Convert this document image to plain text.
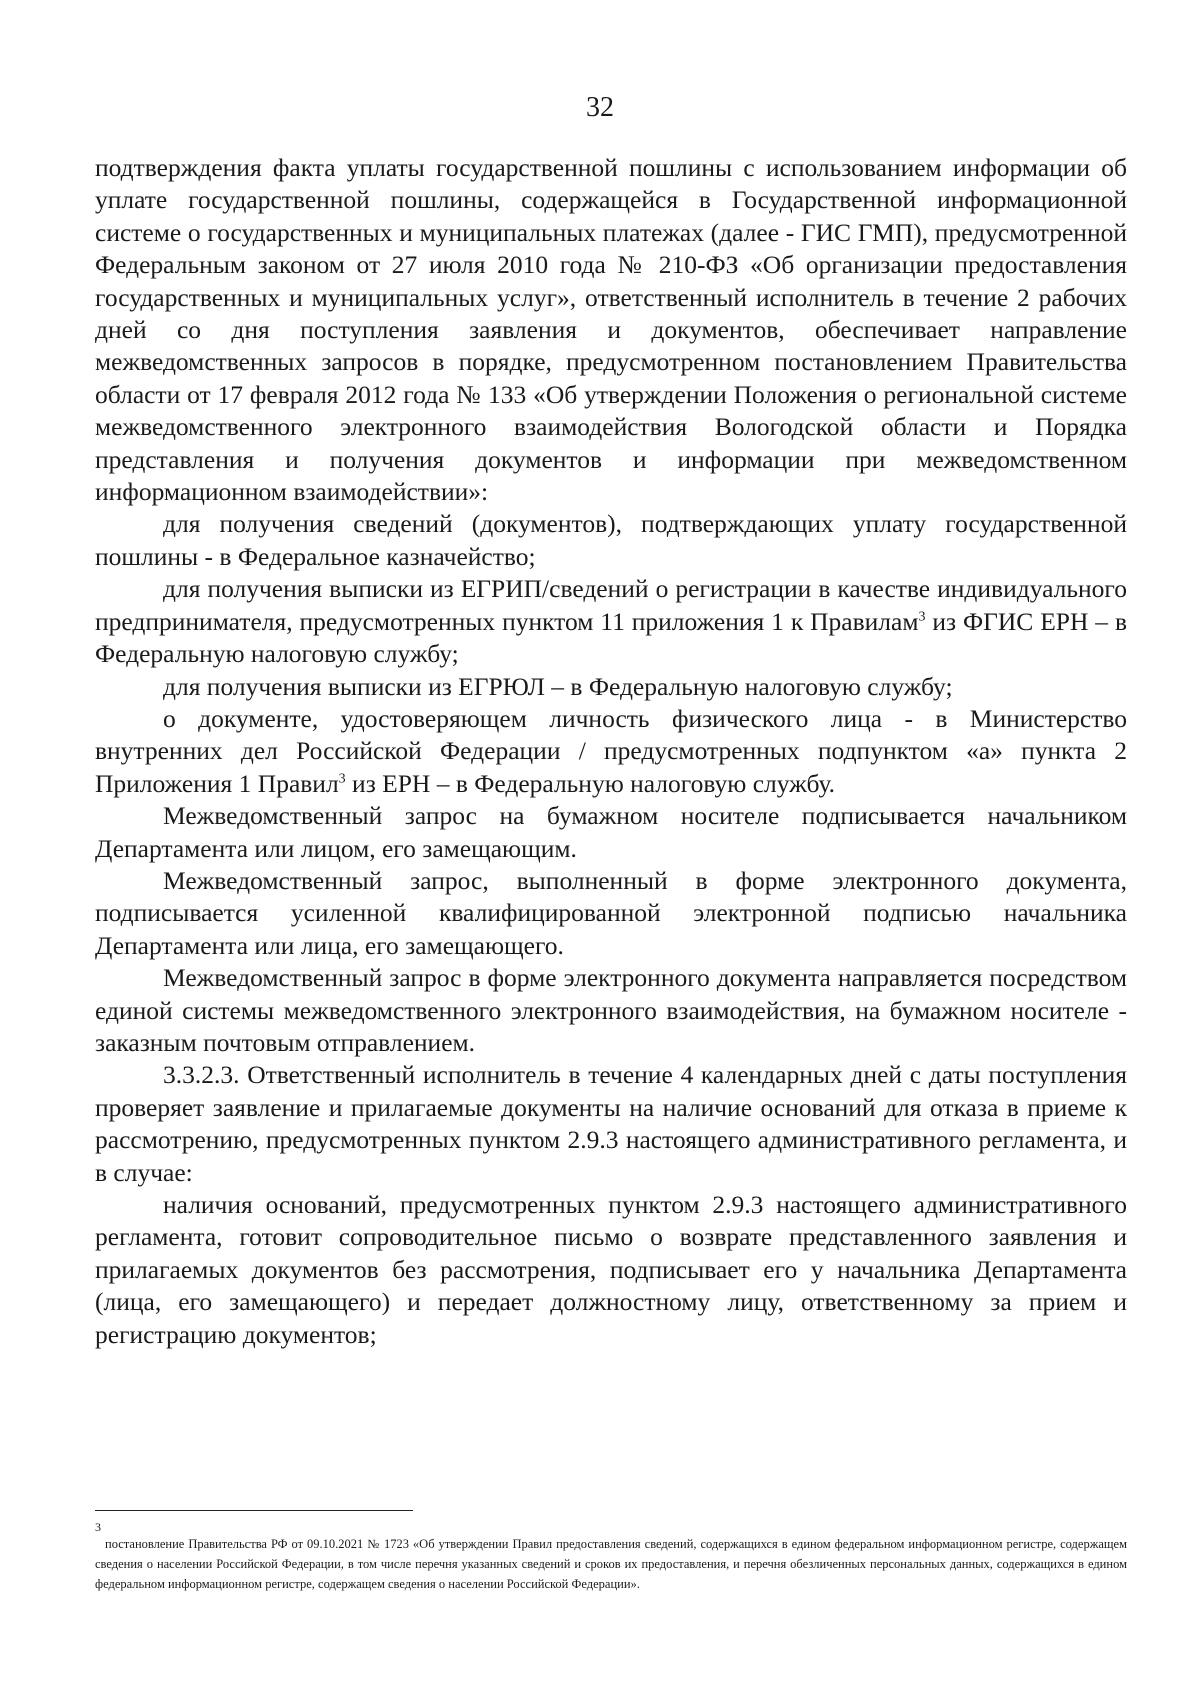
32

подтверждения факта уплаты государственной пошлины с использованием информации об уплате государственной пошлины, содержащейся в Государственной информационной системе о государственных и муниципальных платежах (далее - ГИС ГМП), предусмотренной Федеральным законом от 27 июля 2010 года № 210-ФЗ «Об организации предоставления государственных и муниципальных услуг», ответственный исполнитель в течение 2 рабочих дней со дня поступления заявления и документов, обеспечивает направление межведомственных запросов в порядке, предусмотренном постановлением Правительства области от 17 февраля 2012 года № 133 «Об утверждении Положения о региональной системе межведомственного электронного взаимодействия Вологодской области и Порядка представления и получения документов и информации при межведомственном информационном взаимодействии»:

для получения сведений (документов), подтверждающих уплату государственной пошлины - в Федеральное казначейство;

для получения выписки из ЕГРИП/сведений о регистрации в качестве индивидуального предпринимателя, предусмотренных пунктом 11 приложения 1 к Правилам$^3$ из ФГИС ЕРН – в Федеральную налоговую службу;

для получения выписки из ЕГРЮЛ – в Федеральную налоговую службу;

о документе, удостоверяющем личность физического лица - в Министерство внутренних дел Российской Федерации / предусмотренных подпунктом «а» пункта 2 Приложения 1 Правил$^3$ из ЕРН – в Федеральную налоговую службу.

Межведомственный запрос на бумажном носителе подписывается начальником Департамента или лицом, его замещающим.

Межведомственный запрос, выполненный в форме электронного документа, подписывается усиленной квалифицированной электронной подписью начальника Департамента или лица, его замещающего.

Межведомственный запрос в форме электронного документа направляется посредством единой системы межведомственного электронного взаимодействия, на бумажном носителе - заказным почтовым отправлением.

3.3.2.3. Ответственный исполнитель в течение 4 календарных дней с даты поступления проверяет заявление и прилагаемые документы на наличие оснований для отказа в приеме к рассмотрению, предусмотренных пунктом 2.9.3 настоящего административного регламента, и в случае:

наличия оснований, предусмотренных пунктом 2.9.3 настоящего административного регламента, готовит сопроводительное письмо о возврате представленного заявления и прилагаемых документов без рассмотрения, подписывает его у начальника Департамента (лица, его замещающего) и передает должностному лицу, ответственному за прием и регистрацию документов;

3
постановление Правительства РФ от 09.10.2021 № 1723 «Об утверждении Правил предоставления сведений, содержащихся в едином федеральном информационном регистре, содержащем сведения о населении Российской Федерации, в том числе перечня указанных сведений и сроков их предоставления, и перечня обезличенных персональных данных, содержащихся в едином федеральном информационном регистре, содержащем сведения о населении Российской Федерации».
